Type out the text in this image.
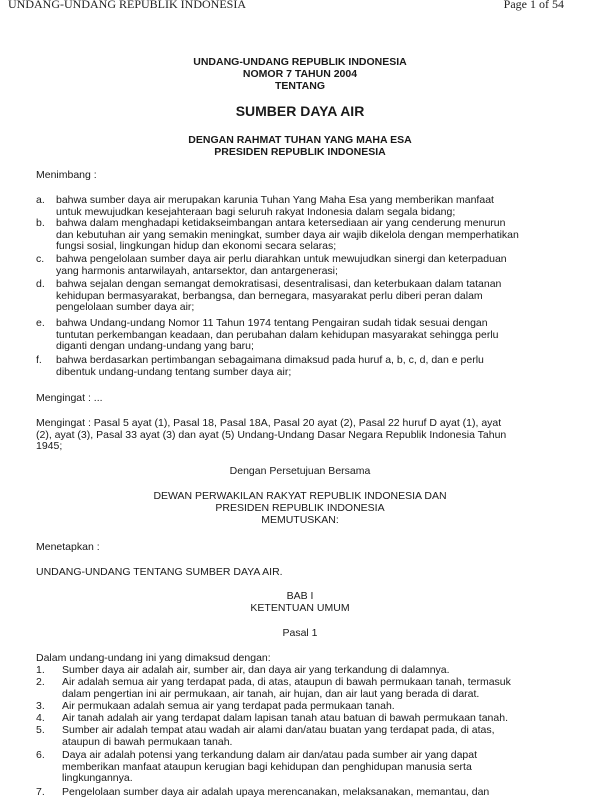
UNDANG-UNDANG REPUBLIK INDONESIA	Page 1 of 54
UNDANG-UNDANG REPUBLIK INDONESIA
NOMOR 7 TAHUN 2004
TENTANG
SUMBER DAYA AIR
DENGAN RAHMAT TUHAN YANG MAHA ESA
PRESIDEN REPUBLIK INDONESIA
Menimbang :
a. bahwa sumber daya air merupakan karunia Tuhan Yang Maha Esa yang memberikan manfaat
untuk mewujudkan kesejahteraan bagi seluruh rakyat Indonesia dalam segala bidang;
b. bahwa dalam menghadapi ketidakseimbangan antara ketersediaan air yang cenderung menurun
dan kebutuhan air yang semakin meningkat, sumber daya air wajib dikelola dengan memperhatikan
fungsi sosial, lingkungan hidup dan ekonomi secara selaras;
c. bahwa pengelolaan sumber daya air perlu diarahkan untuk mewujudkan sinergi dan keterpaduan
yang harmonis antarwilayah, antarsektor, dan antargenerasi;
d. bahwa sejalan dengan semangat demokratisasi, desentralisasi, dan keterbukaan dalam tatanan
kehidupan bermasyarakat, berbangsa, dan bernegara, masyarakat perlu diberi peran dalam
pengelolaan sumber daya air;
e. bahwa Undang-undang Nomor 11 Tahun 1974 tentang Pengairan sudah tidak sesuai dengan
tuntutan perkembangan keadaan, dan perubahan dalam kehidupan masyarakat sehingga perlu
diganti dengan undang-undang yang baru;
f. bahwa berdasarkan pertimbangan sebagaimana dimaksud pada huruf a, b, c, d, dan e perlu
dibentuk undang-undang tentang sumber daya air;
Mengingat : ...
Mengingat : Pasal 5 ayat (1), Pasal 18, Pasal 18A, Pasal 20 ayat (2), Pasal 22 huruf D ayat (1), ayat
(2), ayat (3), Pasal 33 ayat (3) dan ayat (5) Undang-Undang Dasar Negara Republik Indonesia Tahun
1945;
Dengan Persetujuan Bersama
DEWAN PERWAKILAN RAKYAT REPUBLIK INDONESIA DAN
PRESIDEN REPUBLIK INDONESIA
MEMUTUSKAN:
Menetapkan :
UNDANG-UNDANG TENTANG SUMBER DAYA AIR.
BAB I
KETENTUAN UMUM
Pasal 1
Dalam undang-undang ini yang dimaksud dengan:
1. Sumber daya air adalah air, sumber air, dan daya air yang terkandung di dalamnya.
2. Air adalah semua air yang terdapat pada, di atas, ataupun di bawah permukaan tanah, termasuk
dalam pengertian ini air permukaan, air tanah, air hujan, dan air laut yang berada di darat.
3. Air permukaan adalah semua air yang terdapat pada permukaan tanah.
4. Air tanah adalah air yang terdapat dalam lapisan tanah atau batuan di bawah permukaan tanah.
5. Sumber air adalah tempat atau wadah air alami dan/atau buatan yang terdapat pada, di atas,
ataupun di bawah permukaan tanah.
6. Daya air adalah potensi yang terkandung dalam air dan/atau pada sumber air yang dapat
memberikan manfaat ataupun kerugian bagi kehidupan dan penghidupan manusia serta
lingkungannya.
7. Pengelolaan sumber daya air adalah upaya merencanakan, melaksanakan, memantau, dan
